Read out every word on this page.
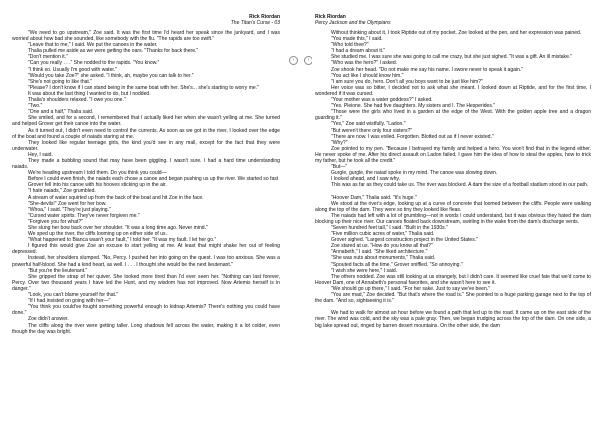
Rick Riordan
The Titan's Curse - 03

"We need to go upstream," Zoe said. It was the first time I'd heard her speak since the junkyard, and I was worried about how bad she sounded, like somebody with the flu. "The rapids are too swift."

"Leave that to me," I said. We put the canoes in the water.

Thalia pulled me aside as we were getting the oars. "Thanks for back there."

"Don't mention it."

"Can you really . . ." She nodded to the rapids. "You know."

"I think so. Usually I'm good with water."

"Would you take Zoe?" she asked. "I think, ah, maybe you can talk to her."

"She's not going to like that."

"Please? I don't know if I can stand being in the same boat with her. She's... she's starting to worry me."

It was about the last thing I wanted to do, but I nodded.

Thalia's shoulders relaxed. "I owe you one."

"Two."

"One and a half," Thalia said.

She smiled, and for a second, I remembered that I actually liked her when she wasn't yelling at me. She turned and helped Grover get their canoe into the water.

As it turned out, I didn't even need to control the currents. As soon as we got in the river, I looked over the edge of the boat and found a couple of naiads staring at me.

They looked like regular teenage girls, the kind you'd see in any mall, except for the fact that they were underwater.

Hey, I said.

They made a bubbling sound that may have been giggling. I wasn't sure. I had a hard time understanding naiads.

We're heading upstream I told them. Do you think you could—

Before I could even finish, the naiads each chose a canoe and began pushing us up the river. We started so fast

Grover fell into his canoe with his hooves sticking up in the air.

"I hate naiads," Zoe grumbled.

A stream of water squirted up from the back of the boat and hit Zoe in the face.

"She-devils!" Zoe went for her bow.

"Whoa," I said. "They're just playing."

"Cursed water spirits. They've never forgiven me."

"Forgiven you for what?"

She slung her bow back over her shoulder. "It was a long time ago. Never mind."

We sped up the river, the cliffs looming up on either side of us.

"What happened to Bianca wasn't your fault," I told her. "It was my fault. I let her go."

I figured this would give Zoe an excuse to start yelling at me. At least that might shake her out of feeling depressed.

Instead, her shoulders slumped. "No, Percy. I pushed her into going on the quest. I was too anxious. She was a powerful half-blood. She had a kind heart, as well. I . . . I thought she would be the next lieutenant."

"But you're the lieutenant."

She gripped the strap of her quiver. She looked more tired than I'd ever seen her. "Nothing can last forever, Percy. Over two thousand years I have led the Hunt, and my wisdom has not improved. Now Artemis herself is in danger."

"Look, you can't blame yourself for that."

"If I had insisted on going with her—"

"You think you could've fought something powerful enough to kidnap Artemis? There's nothing you could have done."

Zoe didn't answer.

The cliffs along the river were getting taller. Long shadows fell across the water, making it a lot colder, even though the day was bright.

‹	›
Rick Riordan
Percy Jackson and the Olympians

Without thinking about it, I took Riptide out of my pocket. Zoe looked at the pen, and her expression was pained.

"You made this," I said.

"Who told thee?"

"I had a dream about it."

She studied me. I was sure she was going to call me crazy, but she just sighed. "It was a gift. An ill mistake."

"Who was the hero?" I asked.

Zoe shook her head. "Do not make me say his name. I swore never to speak it again."

"You act like I should know him."

"I am sure you do, hero. Don't all you boys want to be just like him?"

Her voice was so bitter, I decided not to ask what she meant. I looked down at Riptide, and for the first time, I wondered if it was cursed.

"Your mother was a water goddess?" I asked.

"Yes. Pleione. She had five daughters. My sisters and I. The Hesperides."

"Those were the girls who lived in a garden at the edge of the West. With the golden apple tree and a dragon guarding it."

"Yes," Zoe said wistfully. "Ladon."

"But weren't there only four sisters?"

"There are now. I was exiled. Forgotten. Blotted out as if I never existed."

"Why?"

Zoe pointed to my pen. "Because I betrayed my family and helped a hero. You won't find that in the legend either. He never spoke of me. After his direct assault on Ladon failed, I gave him the idea of how to steal the apples, how to trick my father, but he took all the credit."

"But—"

Gurgle, gurgle, the naiad spoke in my mind. The canoe was slowing down.

I looked ahead, and I saw why.

This was as far as they could take us. The river was blocked. A dam the size of a football stadium stood in our path.

"Hoover Dam," Thalia said. "It's huge."

We stood at the river's edge, looking up at a curve of concrete that loomed between the cliffs. People were walking along the top of the dam. They were so tiny they looked like fleas.

The naiads had left with a lot of grumbling—not in words I could understand, but it was obvious they hated the dam blocking up their nice river. Our canoes floated back downstream, swirling in the wake from the dam's discharge vents.

"Seven hundred feet tall," I said. "Built in the 1930s."

"Five million cubic acres of water," Thalia said.

Grover sighed. "Largest construction project in the United States."

Zoe stared at us. "How do you know all that?"

"Annabeth," I said. "She liked architecture."

"She was nuts about monuments," Thalia said.

"Spouted facts all the time." Grover sniffled. "So annoying."

"I wish she were here," I said.

The others nodded. Zoe was still looking at us strangely, but I didn't care. It seemed like cruel fate that we'd come to Hoover Dam, one of Annabeth's personal favorites, and she wasn't here to see it.

"We should go up there," I said. "For her sake. Just to say we've been."

"You are mad," Zoe decided. "But that's where the road is." She pointed to a huge parking garage next to the top of the dam. "And so, sightseeing it is."

We had to walk for almost an hour before we found a path that led up to the road. It came up on the east side of the river. The wind was cold, and the sky was a pale gray. Then, we began trudging across the top of the dam. On one side, a big lake spread out, ringed by barren desert mountains. On the other side, the dam
